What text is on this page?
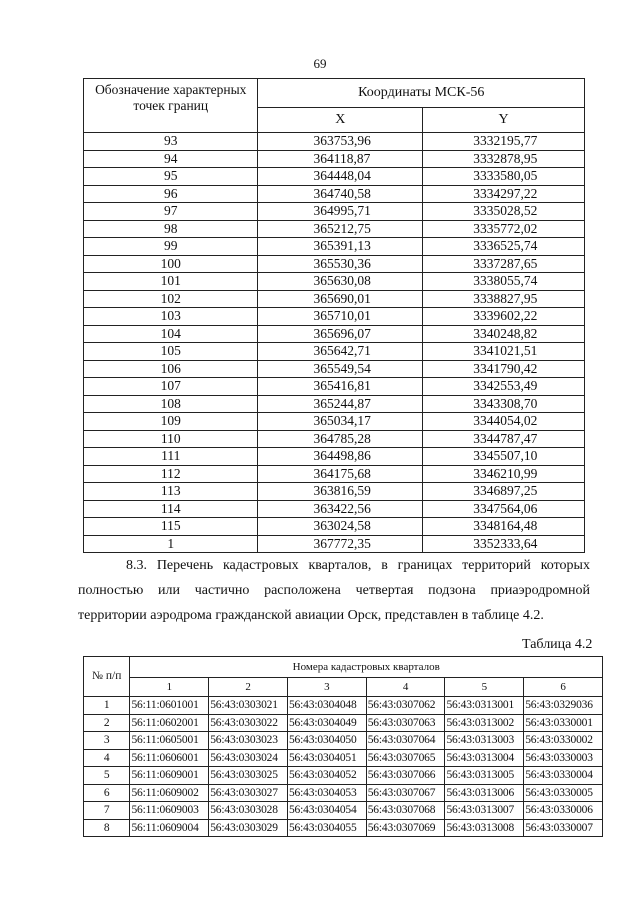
69
Обозначение характерных точек границ	Координаты МСК-56	
	X	Y
93	363753,96	3332195,77
94	364118,87	3332878,95
95	364448,04	3333580,05
96	364740,58	3334297,22
97	364995,71	3335028,52
98	365212,75	3335772,02
99	365391,13	3336525,74
100	365530,36	3337287,65
101	365630,08	3338055,74
102	365690,01	3338827,95
103	365710,01	3339602,22
104	365696,07	3340248,82
105	365642,71	3341021,51
106	365549,54	3341790,42
107	365416,81	3342553,49
108	365244,87	3343308,70
109	365034,17	3344054,02
110	364785,28	3344787,47
111	364498,86	3345507,10
112	364175,68	3346210,99
113	363816,59	3346897,25
114	363422,56	3347564,06
115	363024,58	3348164,48
1	367772,35	3352333,64
8.3. Перечень кадастровых кварталов, в границах территорий которых
полностью или частично расположена четвертая подзона приаэродромной
территории аэродрома гражданской авиации Орск, представлен в таблице 4.2.
Таблица 4.2
№ п/п	Номера кадастровых кварталов					
	1	2	3	4	5	6
1	56:11:0601001	56:43:0303021	56:43:0304048	56:43:0307062	56:43:0313001	56:43:0329036
2	56:11:0602001	56:43:0303022	56:43:0304049	56:43:0307063	56:43:0313002	56:43:0330001
3	56:11:0605001	56:43:0303023	56:43:0304050	56:43:0307064	56:43:0313003	56:43:0330002
4	56:11:0606001	56:43:0303024	56:43:0304051	56:43:0307065	56:43:0313004	56:43:0330003
5	56:11:0609001	56:43:0303025	56:43:0304052	56:43:0307066	56:43:0313005	56:43:0330004
6	56:11:0609002	56:43:0303027	56:43:0304053	56:43:0307067	56:43:0313006	56:43:0330005
7	56:11:0609003	56:43:0303028	56:43:0304054	56:43:0307068	56:43:0313007	56:43:0330006
8	56:11:0609004	56:43:0303029	56:43:0304055	56:43:0307069	56:43:0313008	56:43:0330007
